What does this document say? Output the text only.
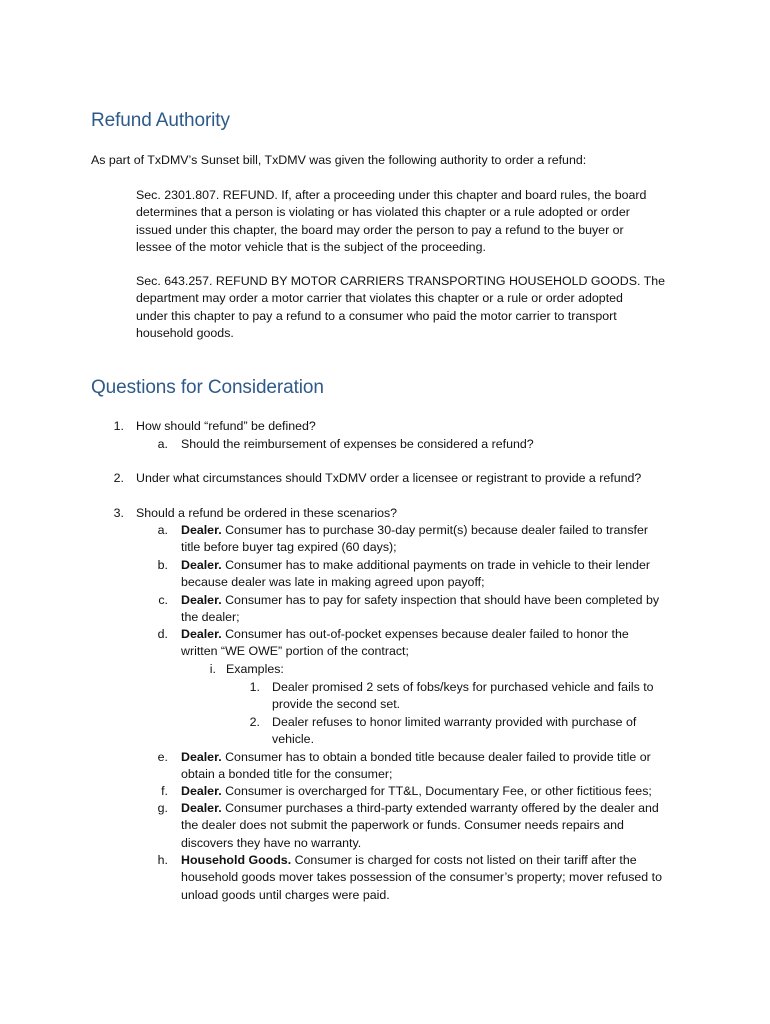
Refund Authority
As part of TxDMV’s Sunset bill, TxDMV was given the following authority to order a refund:
Sec. 2301.807. REFUND. If, after a proceeding under this chapter and board rules, the board
determines that a person is violating or has violated this chapter or a rule adopted or order
issued under this chapter, the board may order the person to pay a refund to the buyer or
lessee of the motor vehicle that is the subject of the proceeding.
Sec. 643.257. REFUND BY MOTOR CARRIERS TRANSPORTING HOUSEHOLD GOODS. The
department may order a motor carrier that violates this chapter or a rule or order adopted
under this chapter to pay a refund to a consumer who paid the motor carrier to transport
household goods.
Questions for Consideration
1. How should “refund” be defined?
a. Should the reimbursement of expenses be considered a refund?
2. Under what circumstances should TxDMV order a licensee or registrant to provide a refund?
3. Should a refund be ordered in these scenarios?
a. Dealer. Consumer has to purchase 30-day permit(s) because dealer failed to transfer
title before buyer tag expired (60 days);
b. Dealer. Consumer has to make additional payments on trade in vehicle to their lender
because dealer was late in making agreed upon payoff;
c. Dealer. Consumer has to pay for safety inspection that should have been completed by
the dealer;
d. Dealer. Consumer has out-of-pocket expenses because dealer failed to honor the
written “WE OWE” portion of the contract;
i. Examples:
1. Dealer promised 2 sets of fobs/keys for purchased vehicle and fails to
provide the second set.
2. Dealer refuses to honor limited warranty provided with purchase of
vehicle.
e. Dealer. Consumer has to obtain a bonded title because dealer failed to provide title or
obtain a bonded title for the consumer;
f. Dealer. Consumer is overcharged for TT&L, Documentary Fee, or other fictitious fees;
g. Dealer. Consumer purchases a third-party extended warranty offered by the dealer and
the dealer does not submit the paperwork or funds. Consumer needs repairs and
discovers they have no warranty.
h. Household Goods. Consumer is charged for costs not listed on their tariff after the
household goods mover takes possession of the consumer’s property; mover refused to
unload goods until charges were paid.
